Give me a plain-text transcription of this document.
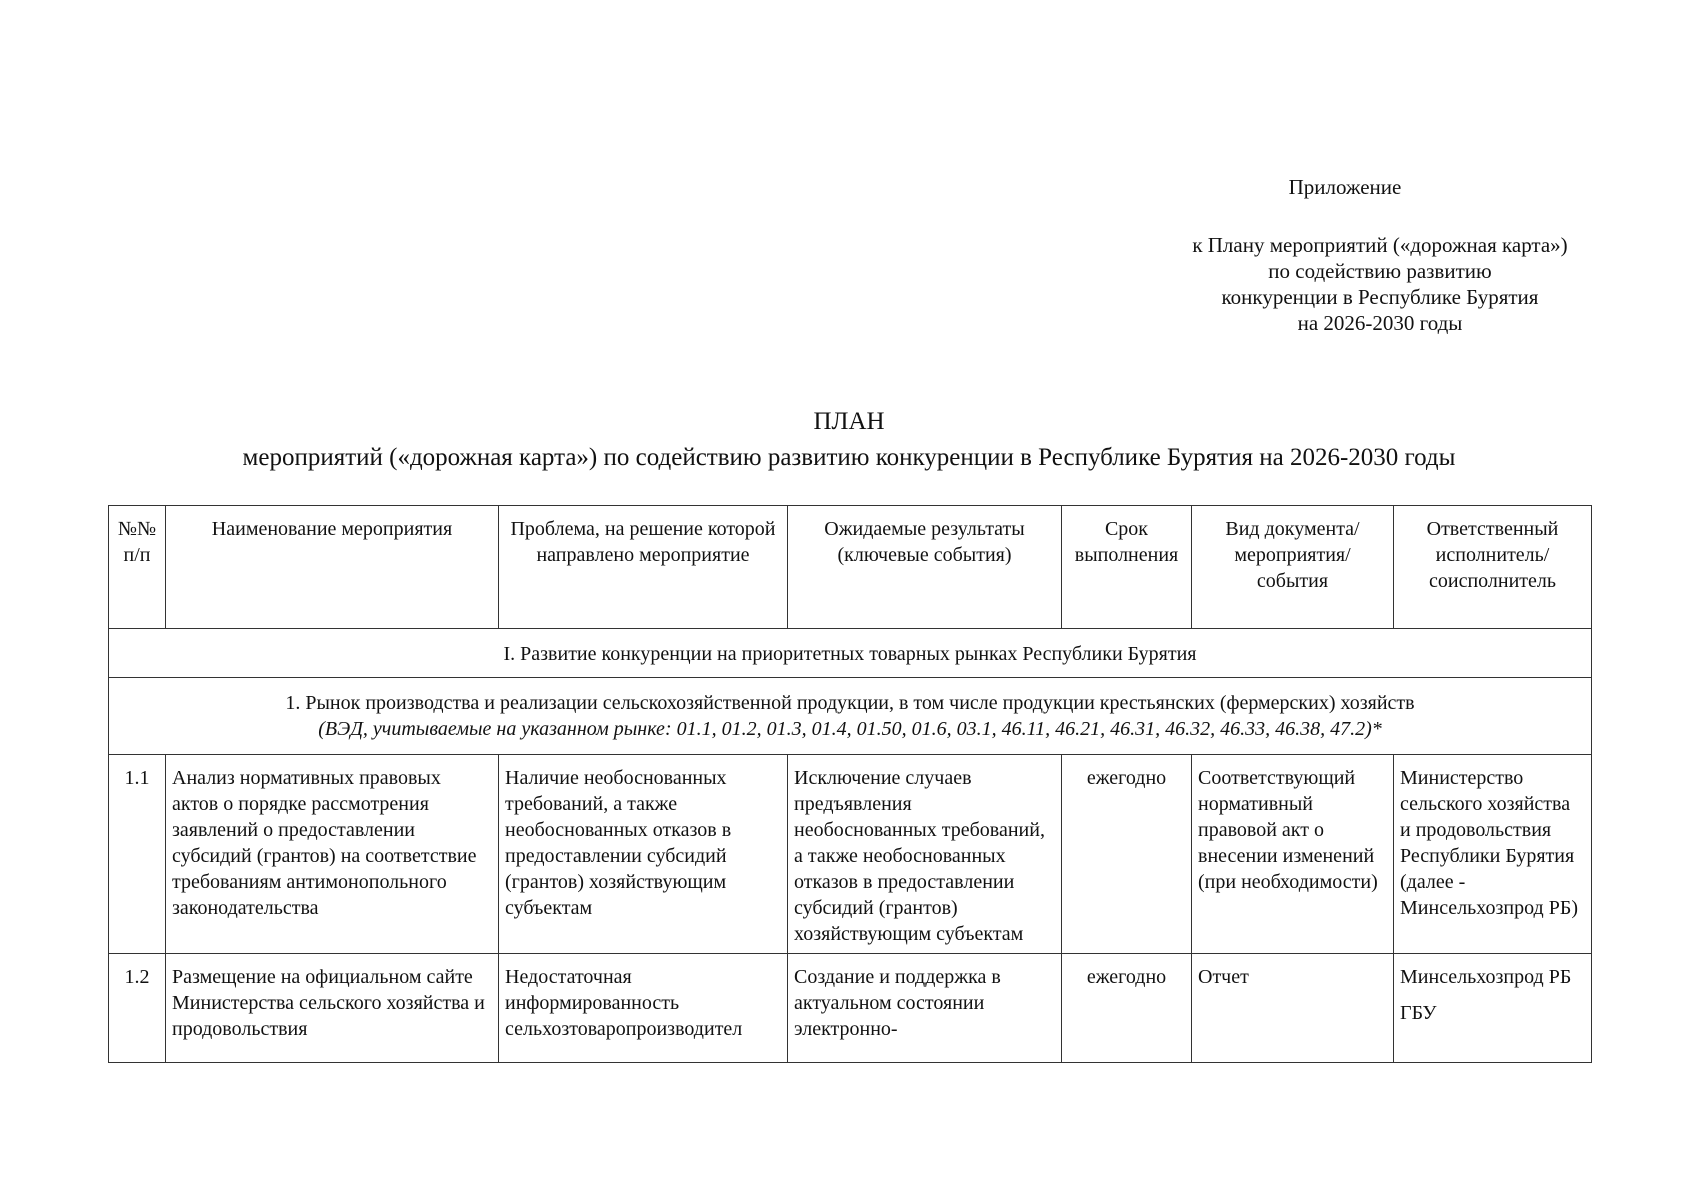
Приложение
к Плану мероприятий («дорожная карта»)
по содействию развитию
конкуренции в Республике Бурятия
на 2026-2030 годы
ПЛАН
мероприятий («дорожная карта») по содействию развитию конкуренции в Республике Бурятия на 2026-2030 годы
№№ п/п	Наименование мероприятия	Проблема, на решение которой направлено мероприятие	Ожидаемые результаты (ключевые события)	Срок выполнения	Вид документа/ мероприятия/ события	Ответственный исполнитель/ соисполнитель
I. Развитие конкуренции на приоритетных товарных рынках Республики Бурятия						

1. Рынок производства и реализации сельскохозяйственной продукции, в том числе продукции крестьянских (фермерских) хозяйств
(ВЭД, учитываемые на указанном рынке: 01.1, 01.2, 01.3, 01.4, 01.50, 01.6, 03.1, 46.11, 46.21, 46.31, 46.32, 46.33, 46.38, 47.2)*						

1.1	Анализ нормативных правовых актов о порядке рассмотрения заявлений о предоставлении субсидий (грантов) на соответствие требованиям антимонопольного законодательства	Наличие необоснованных требований, а также необоснованных отказов в предоставлении субсидий (грантов) хозяйствующим субъектам	Исключение случаев предъявления необоснованных требований, а также необоснованных отказов в предоставлении субсидий (грантов) хозяйствующим субъектам	ежегодно	Соответствующий нормативный правовой акт о внесении изменений (при необходимости)	Министерство сельского хозяйства и продовольствия Республики Бурятия (далее - Минсельхозпрод РБ)
1.2	Размещение на официальном сайте Министерства сельского хозяйства и продовольствия	Недостаточная информированность сельхозтоваропроизводител	Создание и поддержка в актуальном состоянии электронно-	ежегодно	Отчет	Минсельхозпрод РБ
ГБУ
